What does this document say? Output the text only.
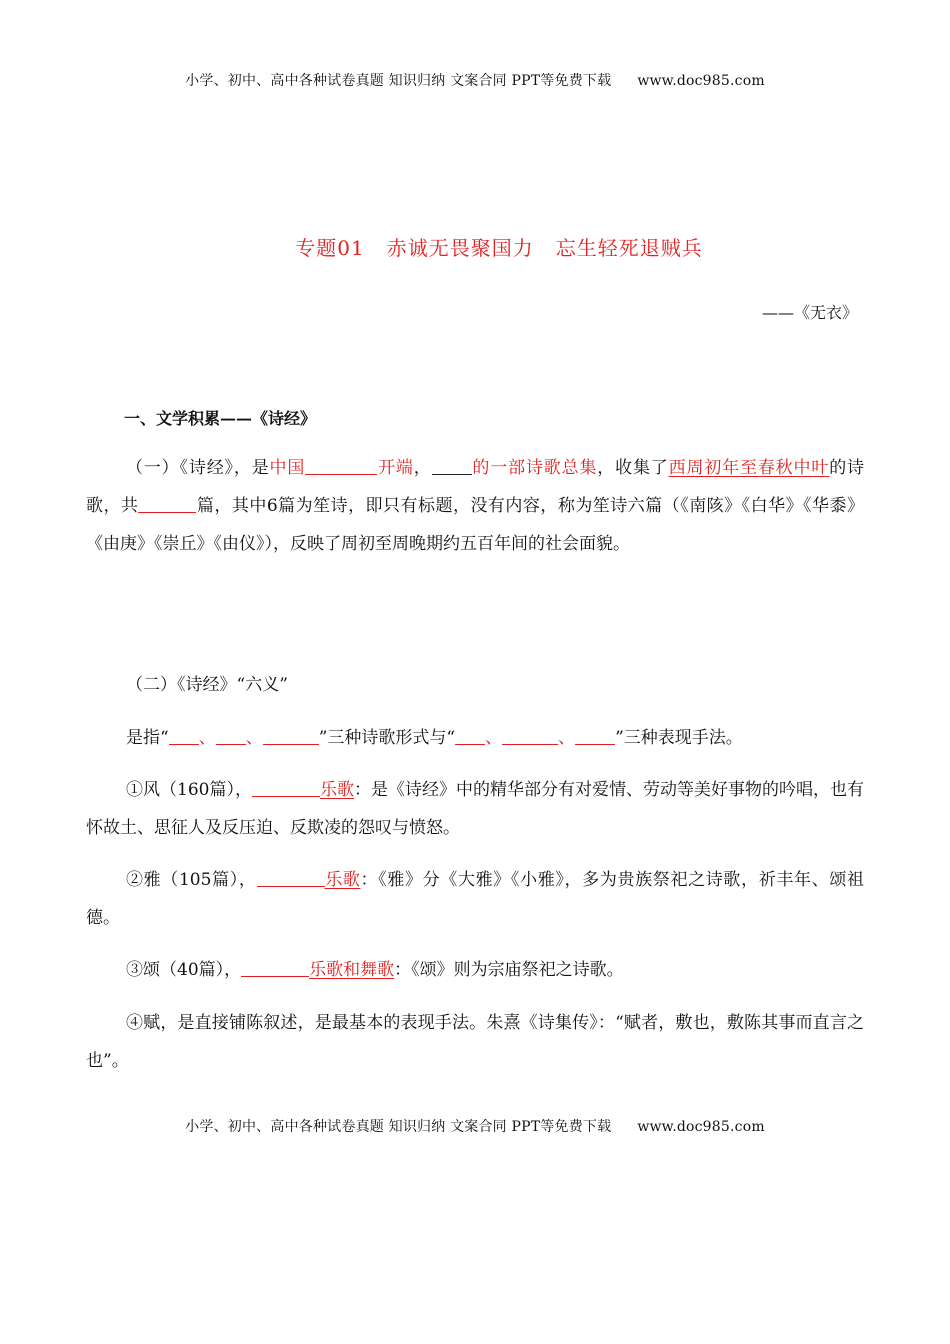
小学、初中、高中各种试卷真题 知识归纳 文案合同 PPT等免费下载 www.doc985.com
专题01 赤诚无畏聚国力 忘生轻死退贼兵
——《无衣》
一、文学积累——《诗经》
（一）《诗经》，是中国	开端， 的一部诗歌总集，收集了西周初年至春秋中叶的诗歌，共	篇，其中6篇为笙诗，即只有标题，没有内容，称为笙诗六篇（《南陔》《白华》《华黍》《由庚》《崇丘》《由仪》），反映了周初至周晚期约五百年间的社会面貌。
（二）《诗经》“六义”
是指“ 、 、	”三种诗歌形式与“ 、	、 ”三种表现手法。
①风（160篇），	乐歌：是《诗经》中的精华部分有对爱情、劳动等美好事物的吟唱，也有怀故土、思征人及反压迫、反欺凌的怨叹与愤怒。
②雅（105篇），	乐歌：《雅》分《大雅》《小雅》，多为贵族祭祀之诗歌，祈丰年、颂祖德。
③颂（40篇），	乐歌和舞歌：《颂》则为宗庙祭祀之诗歌。
④赋，是直接铺陈叙述，是最基本的表现手法。朱熹《诗集传》：“赋者，敷也，敷陈其事而直言之也”。
小学、初中、高中各种试卷真题 知识归纳 文案合同 PPT等免费下载 www.doc985.com
